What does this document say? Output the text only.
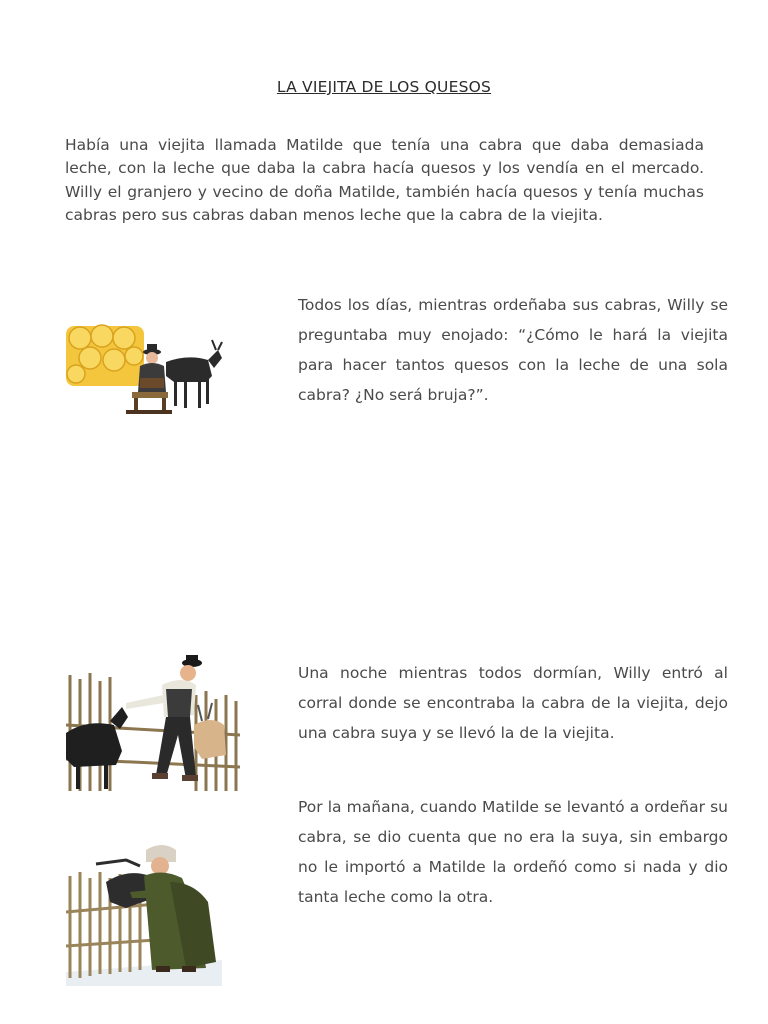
LA VIEJITA DE LOS QUESOS
Había una viejita llamada Matilde que tenía una cabra que daba demasiada leche, con la leche que daba la cabra hacía quesos y los vendía en el mercado. Willy el granjero y vecino de doña Matilde, también hacía quesos y tenía muchas cabras pero sus cabras daban menos leche que la cabra de la viejita.
Todos los días, mientras ordeñaba sus cabras, Willy se preguntaba muy enojado: “¿Cómo le hará la viejita para hacer tantos quesos con la leche de una sola cabra? ¿No será bruja?”.
Una noche mientras todos dormían, Willy entró al corral donde se encontraba la cabra de la viejita, dejo una cabra suya y se llevó la de la viejita.
Por la mañana, cuando Matilde se levantó a ordeñar su cabra, se dio cuenta que no era la suya, sin embargo no le importó a Matilde la ordeñó como si nada y dio tanta leche como la otra.
